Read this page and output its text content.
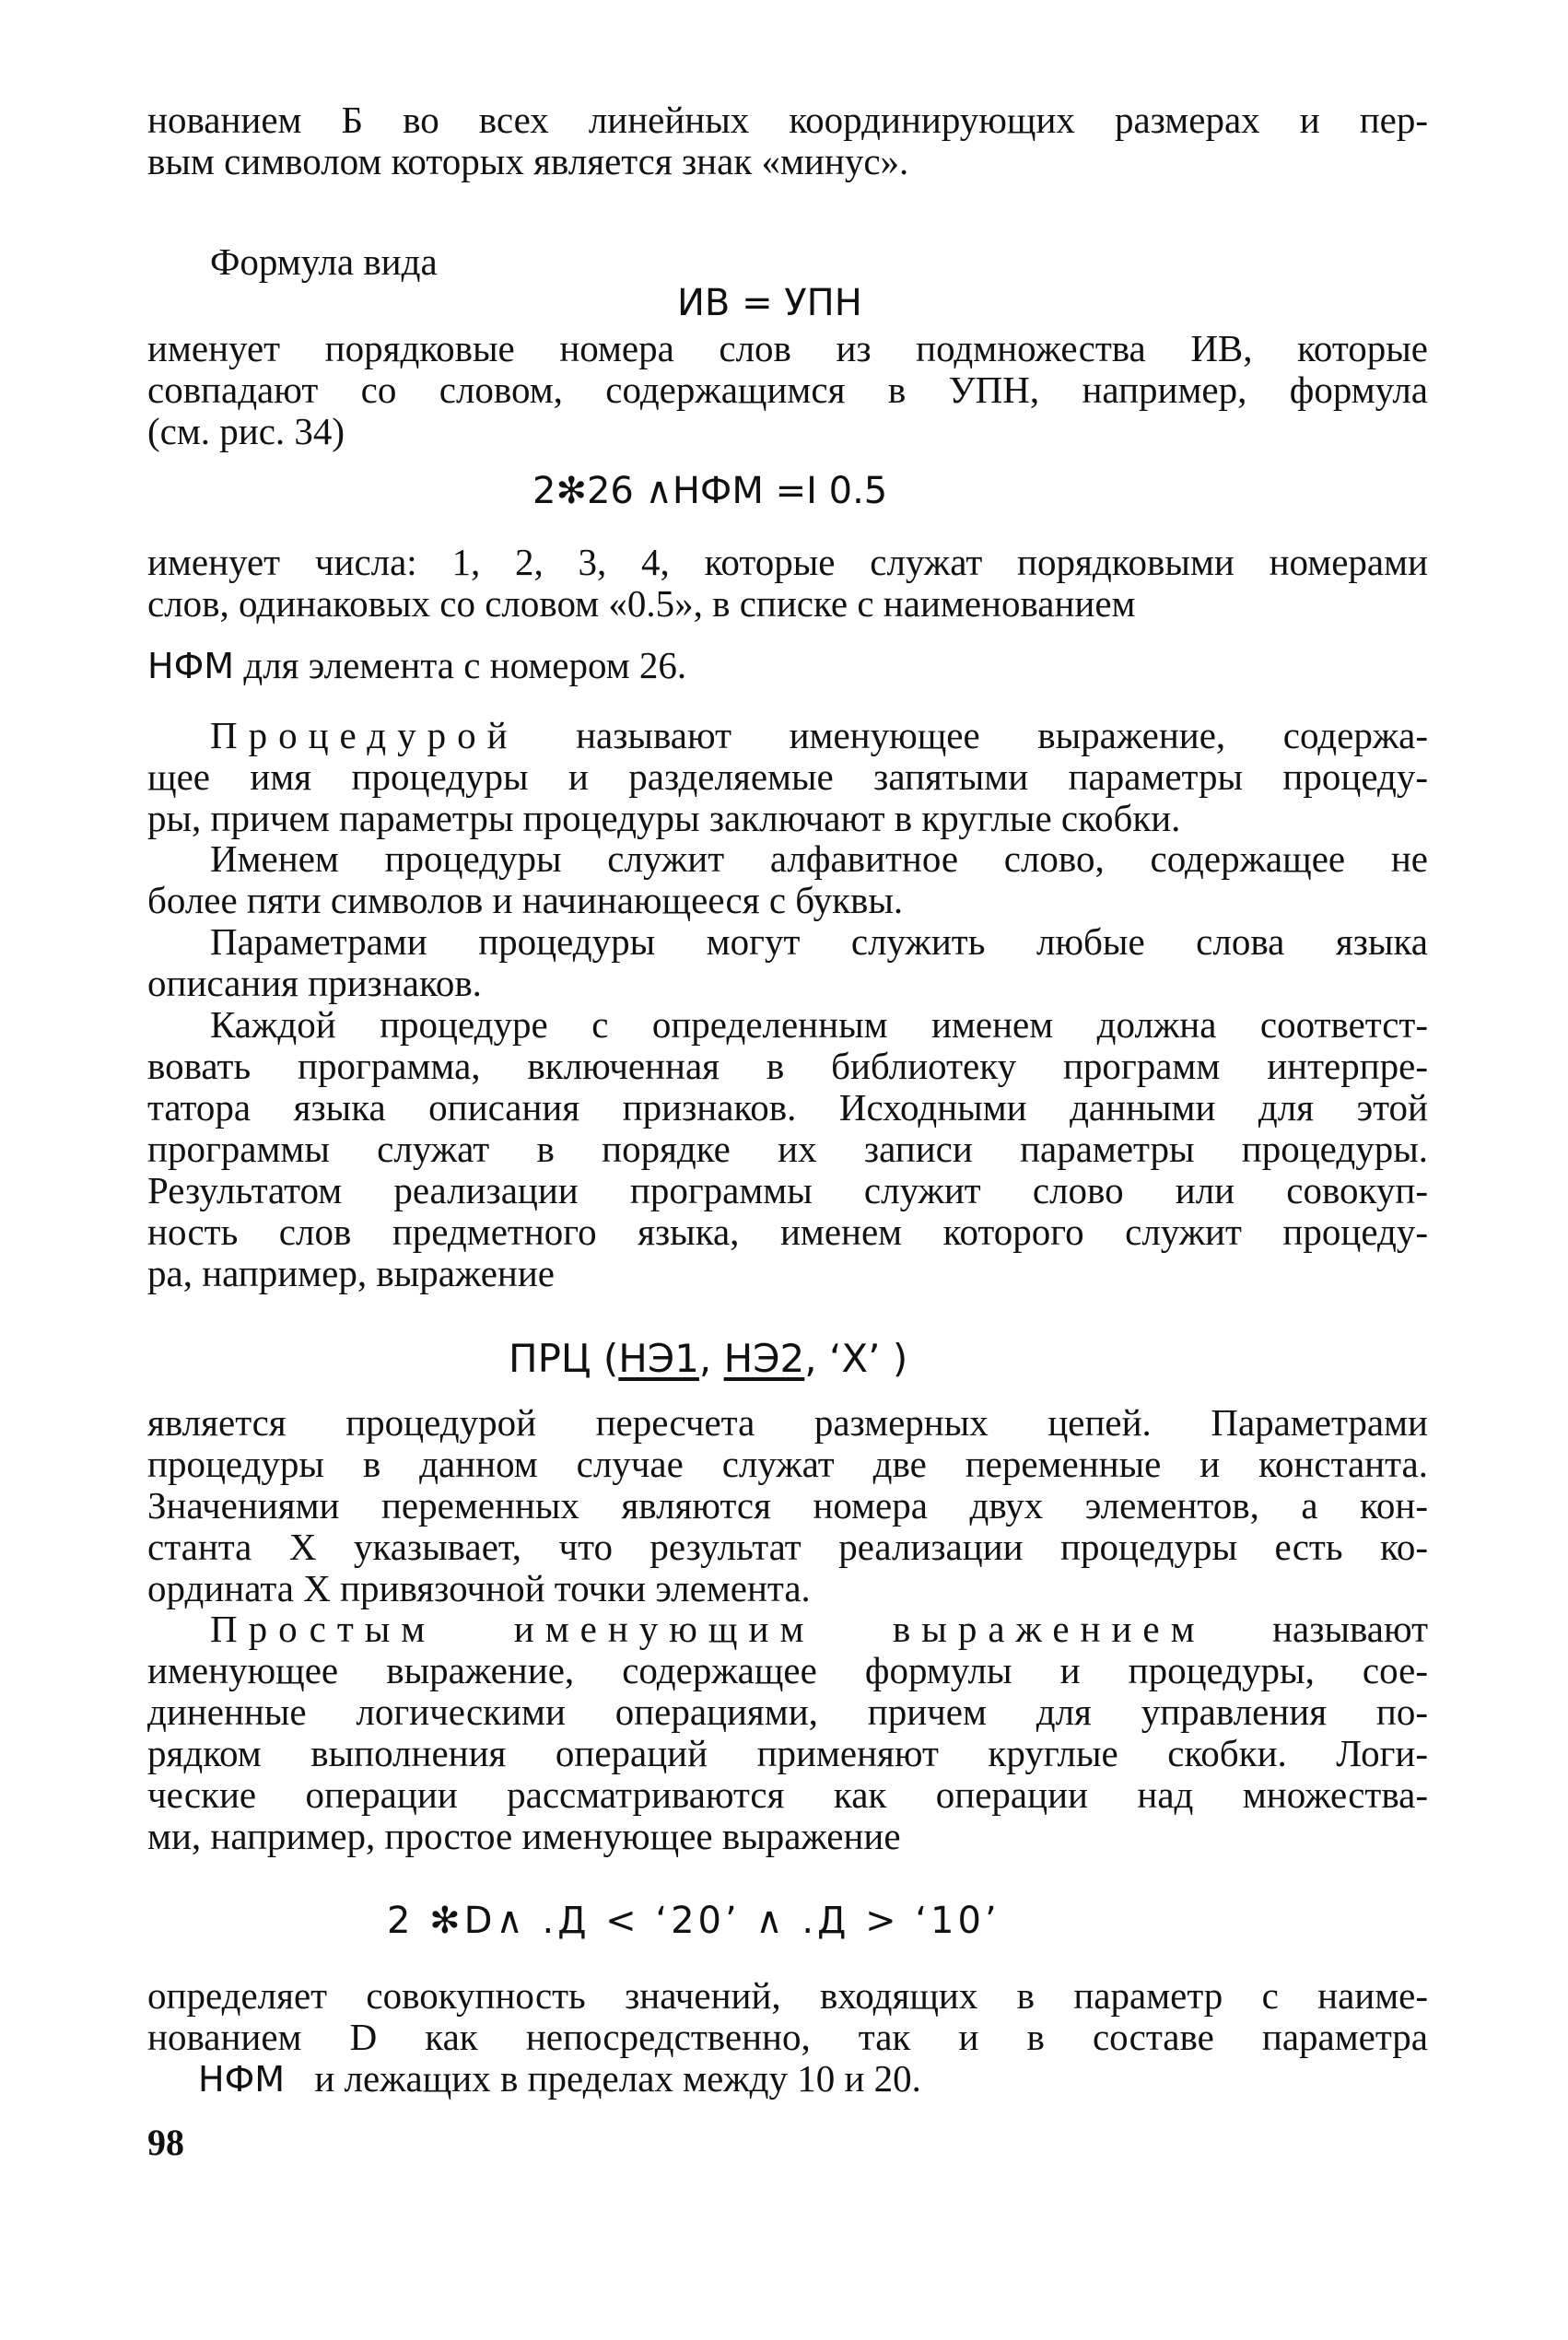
нованием Б во всех линейных координирующих размерах и пер-
вым символом которых является знак «минус».
Формула вида
ИВ = УПН
именует порядковые номера слов из подмножества ИВ, которые
совпадают со словом, содержащимся в УПН, например, формула
(см. рис. 34)
2✻26 ∧НФМ =І 0.5
именует числа: 1, 2, 3, 4, которые служат порядковыми номерами
слов, одинаковых со словом «0.5», в списке с наименованием
НФМ для элемента с номером 26.
Процедурой называют именующее выражение, содержа-
щее имя процедуры и разделяемые запятыми параметры процеду-
ры, причем параметры процедуры заключают в круглые скобки.
Именем процедуры служит алфавитное слово, содержащее не
более пяти символов и начинающееся с буквы.
Параметрами процедуры могут служить любые слова языка
описания признаков.
Каждой процедуре с определенным именем должна соответст-
вовать программа, включенная в библиотеку программ интерпре-
татора языка описания признаков. Исходными данными для этой
программы служат в порядке их записи параметры процедуры.
Результатом реализации программы служит слово или совокуп-
ность слов предметного языка, именем которого служит процеду-
ра, например, выражение
ПРЦ (НЭ1, НЭ2, ‘X’ )
является процедурой пересчета размерных цепей. Параметрами
процедуры в данном случае служат две переменные и константа.
Значениями переменных являются номера двух элементов, а кон-
станта X указывает, что результат реализации процедуры есть ко-
ордината X привязочной точки элемента.
Простым именующим выражением называют
именующее выражение, содержащее формулы и процедуры, сое-
диненные логическими операциями, причем для управления по-
рядком выполнения операций применяют круглые скобки. Логи-
ческие операции рассматриваются как операции над множества-
ми, например, простое именующее выражение
2 ✻D∧ .Д < ‘20’ ∧ .Д > ‘10’
определяет совокупность значений, входящих в параметр с наиме-
нованием D как непосредственно, так и в составе параметра
НФМ и лежащих в пределах между 10 и 20.
98
